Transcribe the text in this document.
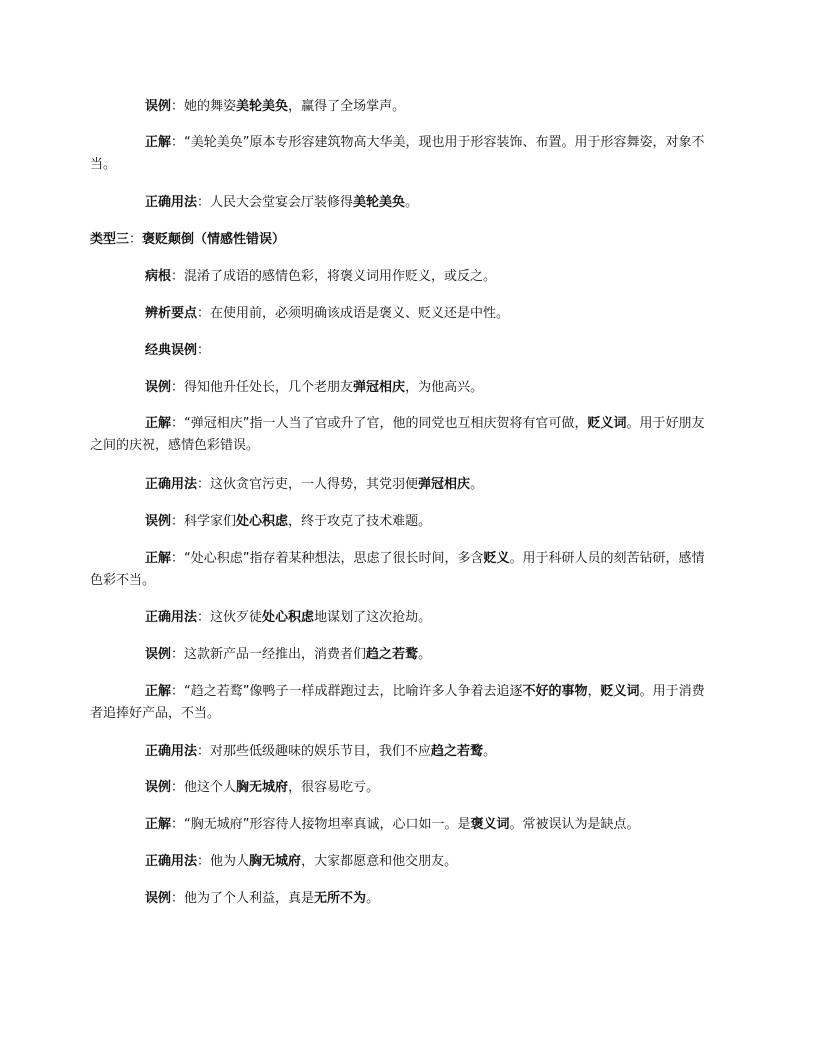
误例：她的舞姿美轮美奂，赢得了全场掌声。

正解：“美轮美奂”原本专形容建筑物高大华美，现也用于形容装饰、布置。用于形容舞姿，对象不当。

正确用法：人民大会堂宴会厅装修得美轮美奂。

类型三：褒贬颠倒（情感性错误）

病根：混淆了成语的感情色彩，将褒义词用作贬义，或反之。

辨析要点：在使用前，必须明确该成语是褒义、贬义还是中性。

经典误例：

误例：得知他升任处长，几个老朋友弹冠相庆，为他高兴。

正解：“弹冠相庆”指一人当了官或升了官，他的同党也互相庆贺将有官可做，贬义词。用于好朋友之间的庆祝，感情色彩错误。

正确用法：这伙贪官污吏，一人得势，其党羽便弹冠相庆。

误例：科学家们处心积虑，终于攻克了技术难题。

正解：“处心积虑”指存着某种想法，思虑了很长时间，多含贬义。用于科研人员的刻苦钻研，感情色彩不当。

正确用法：这伙歹徒处心积虑地谋划了这次抢劫。

误例：这款新产品一经推出，消费者们趋之若鹜。

正解：“趋之若鹜”像鸭子一样成群跑过去，比喻许多人争着去追逐不好的事物，贬义词。用于消费者追捧好产品，不当。

正确用法：对那些低级趣味的娱乐节目，我们不应趋之若鹜。

误例：他这个人胸无城府，很容易吃亏。

正解：“胸无城府”形容待人接物坦率真诚，心口如一。是褒义词。常被误认为是缺点。

正确用法：他为人胸无城府，大家都愿意和他交朋友。

误例：他为了个人利益，真是无所不为。
